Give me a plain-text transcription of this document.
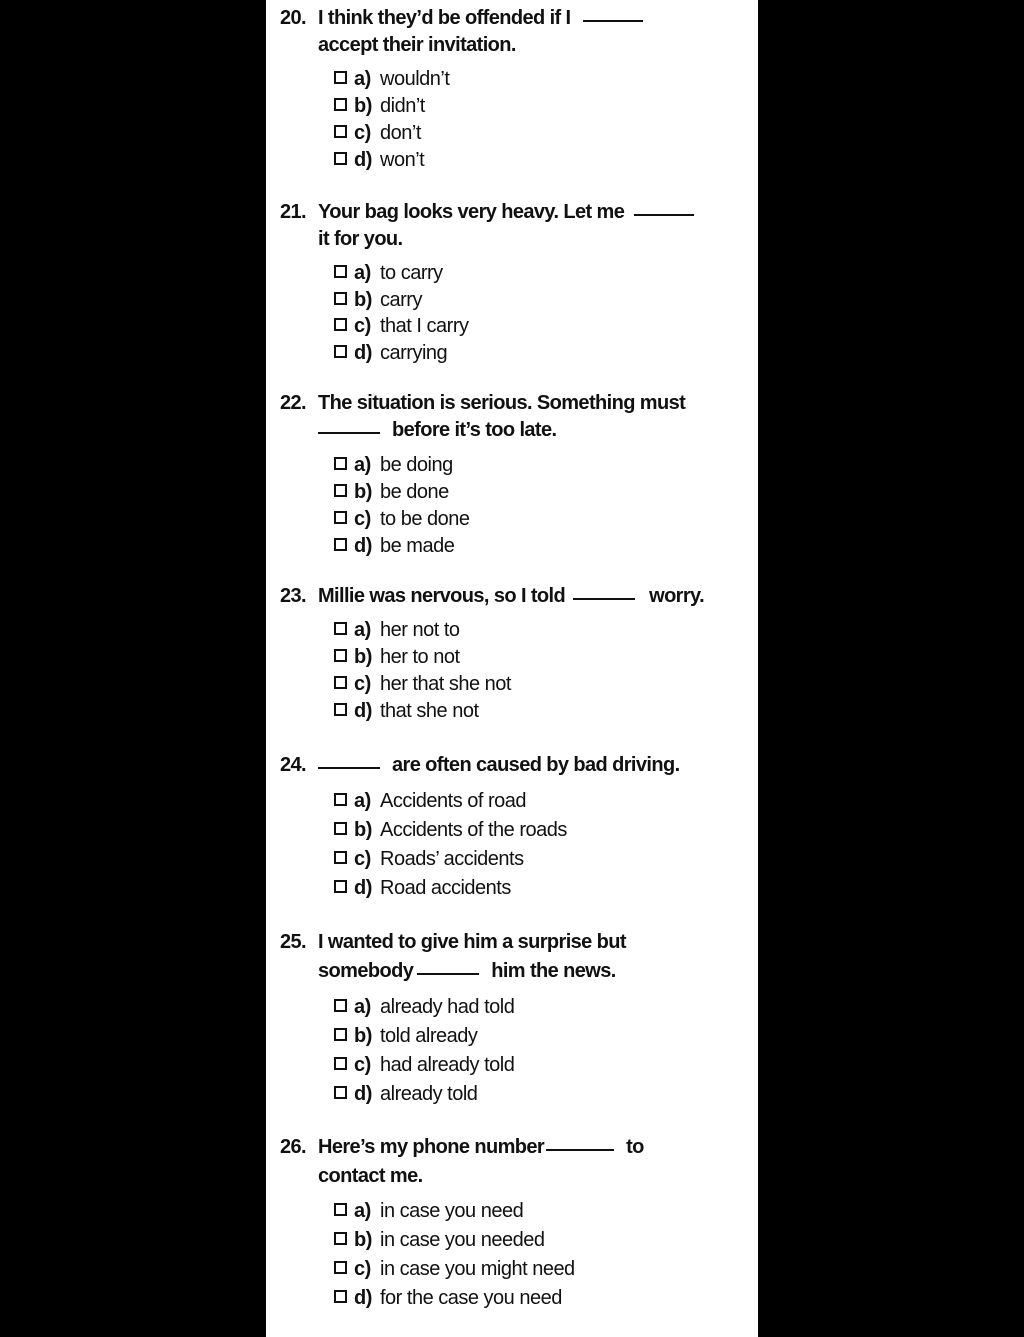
20. I think they’d be offended if I
accept their invitation.
a) wouldn’t
b) didn’t
c) don’t
d) won’t
21. Your bag looks very heavy. Let me
it for you.
a) to carry
b) carry
c) that I carry
d) carrying
22. The situation is serious. Something must
before it’s too late.
a) be doing
b) be done
c) to be done
d) be made
23. Millie was nervous, so I told	worry.
a) her not to
b) her to not
c) her that she not
d) that she not
24.	are often caused by bad driving.
a) Accidents of road
b) Accidents of the roads
c) Roads’ accidents
d) Road accidents
25. I wanted to give him a surprise but
somebody	him the news.
a) already had told
b) told already
c) had already told
d) already told
26. Here’s my phone number	to
contact me.
a) in case you need
b) in case you needed
c) in case you might need
d) for the case you need
